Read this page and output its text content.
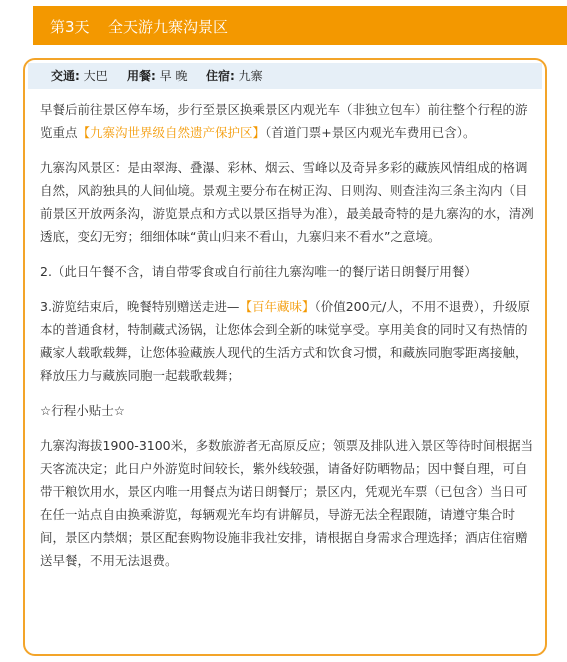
第3天 全天游九寨沟景区
交通: 大巴 用餐: 早 晚 住宿: 九寨

早餐后前往景区停车场，步行至景区换乘景区内观光车（非独立包车）前往整个行程的游览重点【九寨沟世界级自然遗产保护区】（首道门票+景区内观光车费用已含）。

九寨沟风景区：是由翠海、叠瀑、彩林、烟云、雪峰以及奇异多彩的藏族风情组成的格调自然，风韵独具的人间仙境。景观主要分布在树正沟、日则沟、则查洼沟三条主沟内（目前景区开放两条沟，游览景点和方式以景区指导为准），最美最奇特的是九寨沟的水，清冽透底，变幻无穷；细细体味“黄山归来不看山，九寨归来不看水”之意境。

2.（此日午餐不含，请自带零食或自行前往九寨沟唯一的餐厅诺日朗餐厅用餐）

3.游览结束后，晚餐特别赠送走进—【百年藏味】（价值200元/人，不用不退费），升级原本的普通食材，特制藏式汤锅，让您体会到全新的味觉享受。享用美食的同时又有热情的藏家人载歌载舞，让您体验藏族人现代的生活方式和饮食习惯，和藏族同胞零距离接触，释放压力与藏族同胞一起载歌载舞；

☆行程小贴士☆

九寨沟海拔1900-3100米，多数旅游者无高原反应；领票及排队进入景区等待时间根据当天客流决定；此日户外游览时间较长，紫外线较强，请备好防晒物品；因中餐自理，可自带干粮饮用水，景区内唯一用餐点为诺日朗餐厅；景区内，凭观光车票（已包含）当日可在任一站点自由换乘游览，每辆观光车均有讲解员，导游无法全程跟随，请遵守集合时间，景区内禁烟；景区配套购物设施非我社安排，请根据自身需求合理选择；酒店住宿赠送早餐，不用无法退费。
